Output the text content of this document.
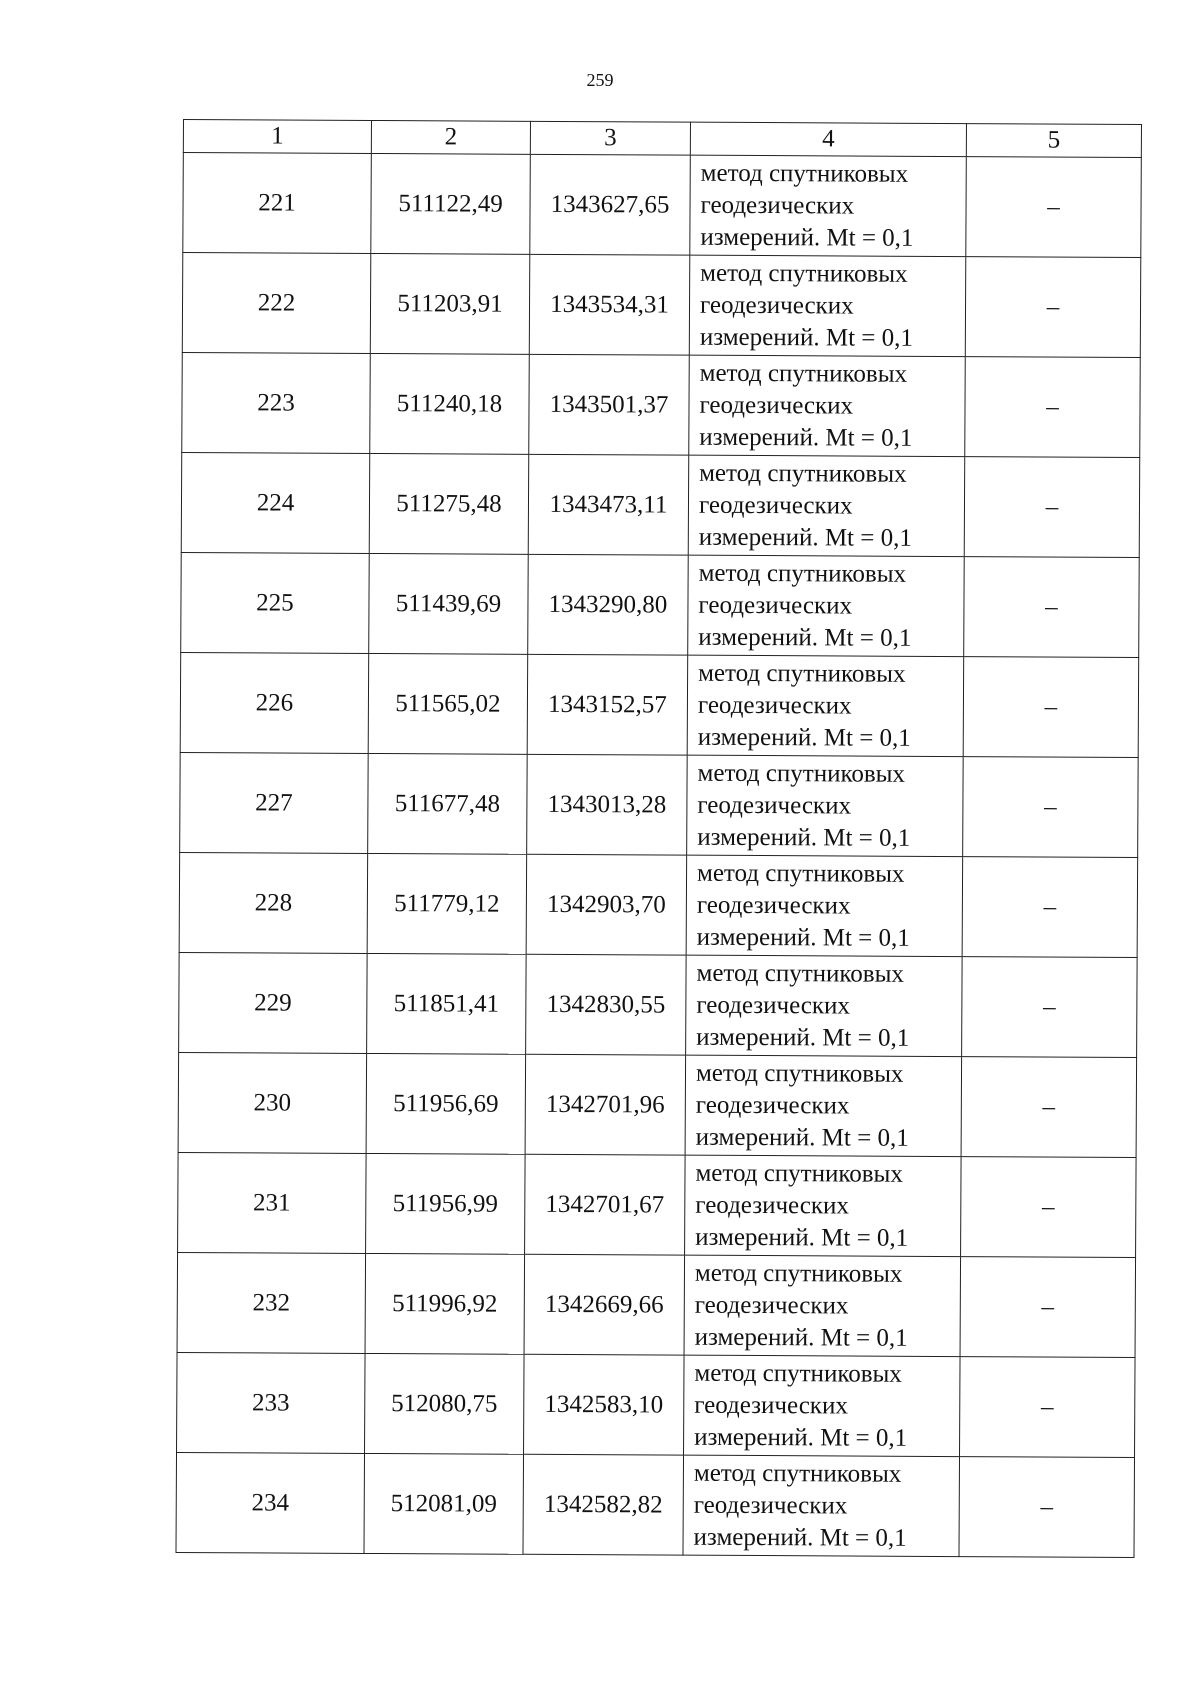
259
1	2	3	4	5
221	511122,49	1343627,65	метод спутниковых
геодезических
измерений. Mt = 0,1	–
222	511203,91	1343534,31	метод спутниковых
геодезических
измерений. Mt = 0,1	–
223	511240,18	1343501,37	метод спутниковых
геодезических
измерений. Mt = 0,1	–
224	511275,48	1343473,11	метод спутниковых
геодезических
измерений. Mt = 0,1	–
225	511439,69	1343290,80	метод спутниковых
геодезических
измерений. Mt = 0,1	–
226	511565,02	1343152,57	метод спутниковых
геодезических
измерений. Mt = 0,1	–
227	511677,48	1343013,28	метод спутниковых
геодезических
измерений. Mt = 0,1	–
228	511779,12	1342903,70	метод спутниковых
геодезических
измерений. Mt = 0,1	–
229	511851,41	1342830,55	метод спутниковых
геодезических
измерений. Mt = 0,1	–
230	511956,69	1342701,96	метод спутниковых
геодезических
измерений. Mt = 0,1	–
231	511956,99	1342701,67	метод спутниковых
геодезических
измерений. Mt = 0,1	–
232	511996,92	1342669,66	метод спутниковых
геодезических
измерений. Mt = 0,1	–
233	512080,75	1342583,10	метод спутниковых
геодезических
измерений. Mt = 0,1	–
234	512081,09	1342582,82	метод спутниковых
геодезических
измерений. Mt = 0,1	–
